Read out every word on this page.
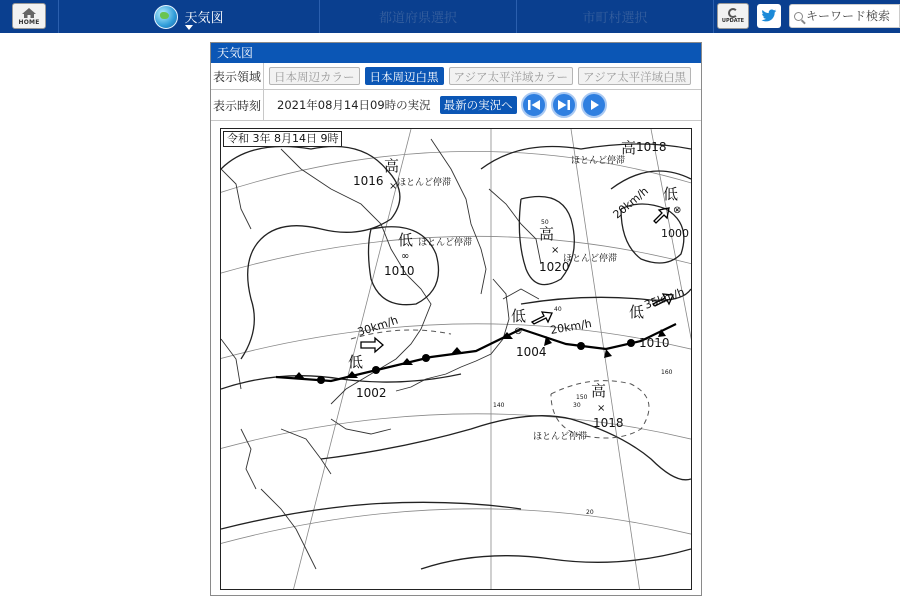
HOME	天気図	都道府県選択	市町村選択	UPDATE
キーワード検索
天気図
表示領域	日本周辺カラー	日本周辺白黒	アジア太平洋域カラー	アジア太平洋域白黒
表示時刻 2021年08月14日09時の実況	最新の実況へ
50
40
30
20
140
150
160
高
×
1016
低
∞
1010
高
×
1020
高 1018
低
⊗
1000
低
⊗
1004
低
1010
低
1002	高
×
1018
20km/h
35km/h
20km/h
30km/h
ほとんど停滞
ほとんど停滞
ほとんど停滞
ほとんど停滞
ほとんど停滞
令和 3年 8月14日 9時
